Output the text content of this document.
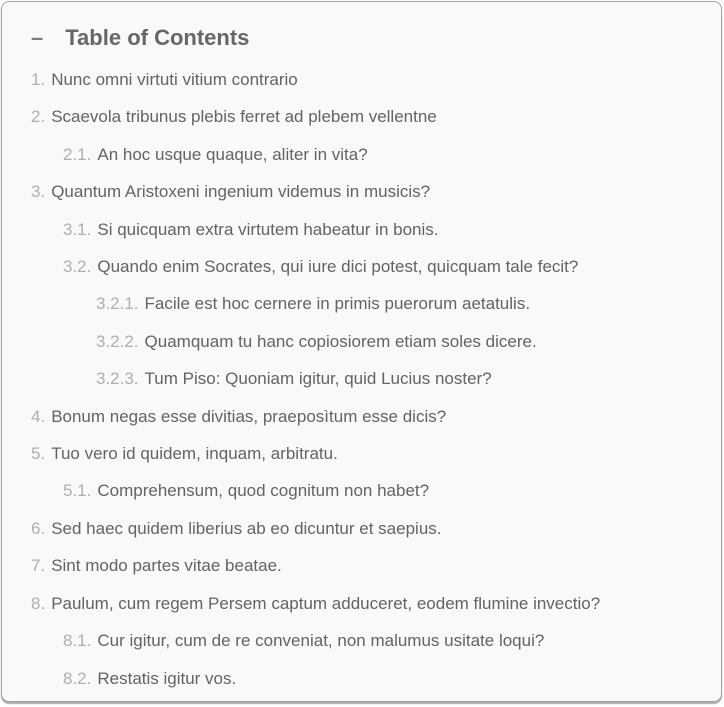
– Table of Contents
1. Nunc omni virtuti vitium contrario
2. Scaevola tribunus plebis ferret ad plebem vellentne
2.1. An hoc usque quaque, aliter in vita?
3. Quantum Aristoxeni ingenium videmus in musicis?
3.1. Si quicquam extra virtutem habeatur in bonis.
3.2. Quando enim Socrates, qui iure dici potest, quicquam tale fecit?
3.2.1. Facile est hoc cernere in primis puerorum aetatulis.
3.2.2. Quamquam tu hanc copiosiorem etiam soles dicere.
3.2.3. Tum Piso: Quoniam igitur, quid Lucius noster?
4. Bonum negas esse divitias, praeposìtum esse dicis?
5. Tuo vero id quidem, inquam, arbitratu.
5.1. Comprehensum, quod cognitum non habet?
6. Sed haec quidem liberius ab eo dicuntur et saepius.
7. Sint modo partes vitae beatae.
8. Paulum, cum regem Persem captum adduceret, eodem flumine invectio?
8.1. Cur igitur, cum de re conveniat, non malumus usitate loqui?
8.2. Restatis igitur vos.
